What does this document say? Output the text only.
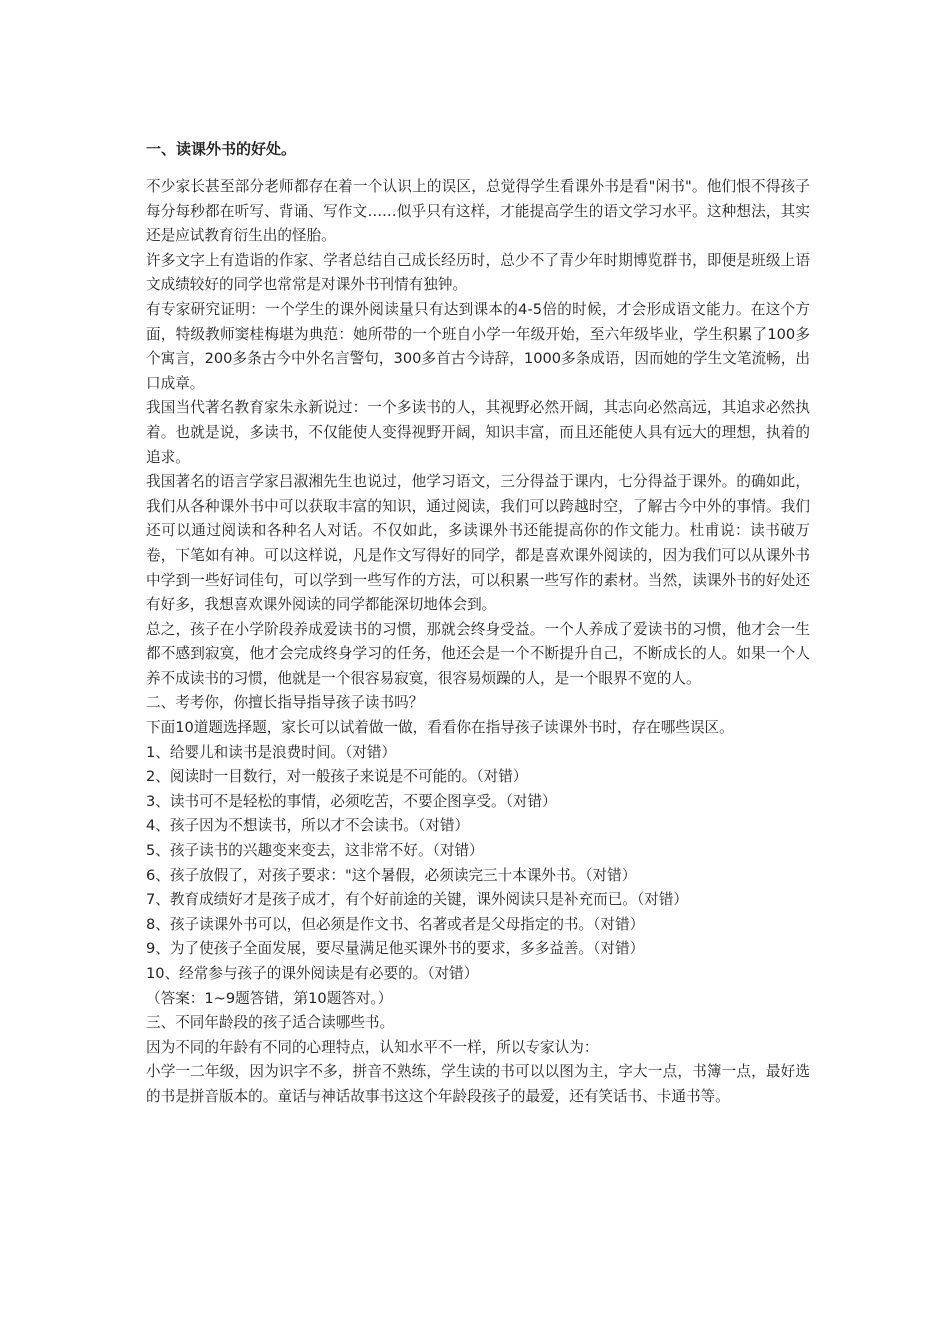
一、读课外书的好处。

不少家长甚至部分老师都存在着一个认识上的误区，总觉得学生看课外书是看"闲书"。他们恨不得孩子每分每秒都在听写、背诵、写作文……似乎只有这样，才能提高学生的语文学习水平。这种想法，其实还是应试教育衍生出的怪胎。

许多文字上有造诣的作家、学者总结自己成长经历时，总少不了青少年时期博览群书，即便是班级上语文成绩较好的同学也常常是对课外书刊情有独钟。

有专家研究证明：一个学生的课外阅读量只有达到课本的4-5倍的时候，才会形成语文能力。在这个方面，特级教师窦桂梅堪为典范：她所带的一个班自小学一年级开始，至六年级毕业，学生积累了100多个寓言，200多条古今中外名言警句，300多首古今诗辞，1000多条成语，因而她的学生文笔流畅，出口成章。

我国当代著名教育家朱永新说过：一个多读书的人，其视野必然开阔，其志向必然高远，其追求必然执着。也就是说，多读书，不仅能使人变得视野开阔，知识丰富，而且还能使人具有远大的理想，执着的追求。

我国著名的语言学家吕淑湘先生也说过，他学习语文，三分得益于课内，七分得益于课外。的确如此，我们从各种课外书中可以获取丰富的知识，通过阅读，我们可以跨越时空，了解古今中外的事情。我们还可以通过阅读和各种名人对话。不仅如此，多读课外书还能提高你的作文能力。杜甫说：读书破万卷，下笔如有神。可以这样说，凡是作文写得好的同学，都是喜欢课外阅读的，因为我们可以从课外书中学到一些好词佳句，可以学到一些写作的方法，可以积累一些写作的素材。当然，读课外书的好处还有好多，我想喜欢课外阅读的同学都能深切地体会到。

总之，孩子在小学阶段养成爱读书的习惯，那就会终身受益。一个人养成了爱读书的习惯，他才会一生都不感到寂寞，他才会完成终身学习的任务，他还会是一个不断提升自己，不断成长的人。如果一个人养不成读书的习惯，他就是一个很容易寂寞，很容易烦躁的人，是一个眼界不宽的人。

二、考考你，你擅长指导指导孩子读书吗？

下面10道题选择题，家长可以试着做一做，看看你在指导孩子读课外书时，存在哪些误区。

1、给婴儿和读书是浪费时间。（对错）

2、阅读时一目数行，对一般孩子来说是不可能的。（对错）

3、读书可不是轻松的事情，必须吃苦，不要企图享受。（对错）

4、孩子因为不想读书，所以才不会读书。（对错）

5、孩子读书的兴趣变来变去，这非常不好。（对错）

6、孩子放假了，对孩子要求："这个暑假，必须读完三十本课外书。（对错）

7、教育成绩好才是孩子成才，有个好前途的关键，课外阅读只是补充而已。（对错）

8、孩子读课外书可以，但必须是作文书、名著或者是父母指定的书。（对错）

9、为了使孩子全面发展，要尽量满足他买课外书的要求，多多益善。（对错）

10、经常参与孩子的课外阅读是有必要的。（对错）

（答案：1~9题答错，第10题答对。）

三、不同年龄段的孩子适合读哪些书。

因为不同的年龄有不同的心理特点，认知水平不一样，所以专家认为：

小学一二年级，因为识字不多，拼音不熟练，学生读的书可以以图为主，字大一点，书簿一点，最好选的书是拼音版本的。童话与神话故事书这这个年龄段孩子的最爱，还有笑话书、卡通书等。
